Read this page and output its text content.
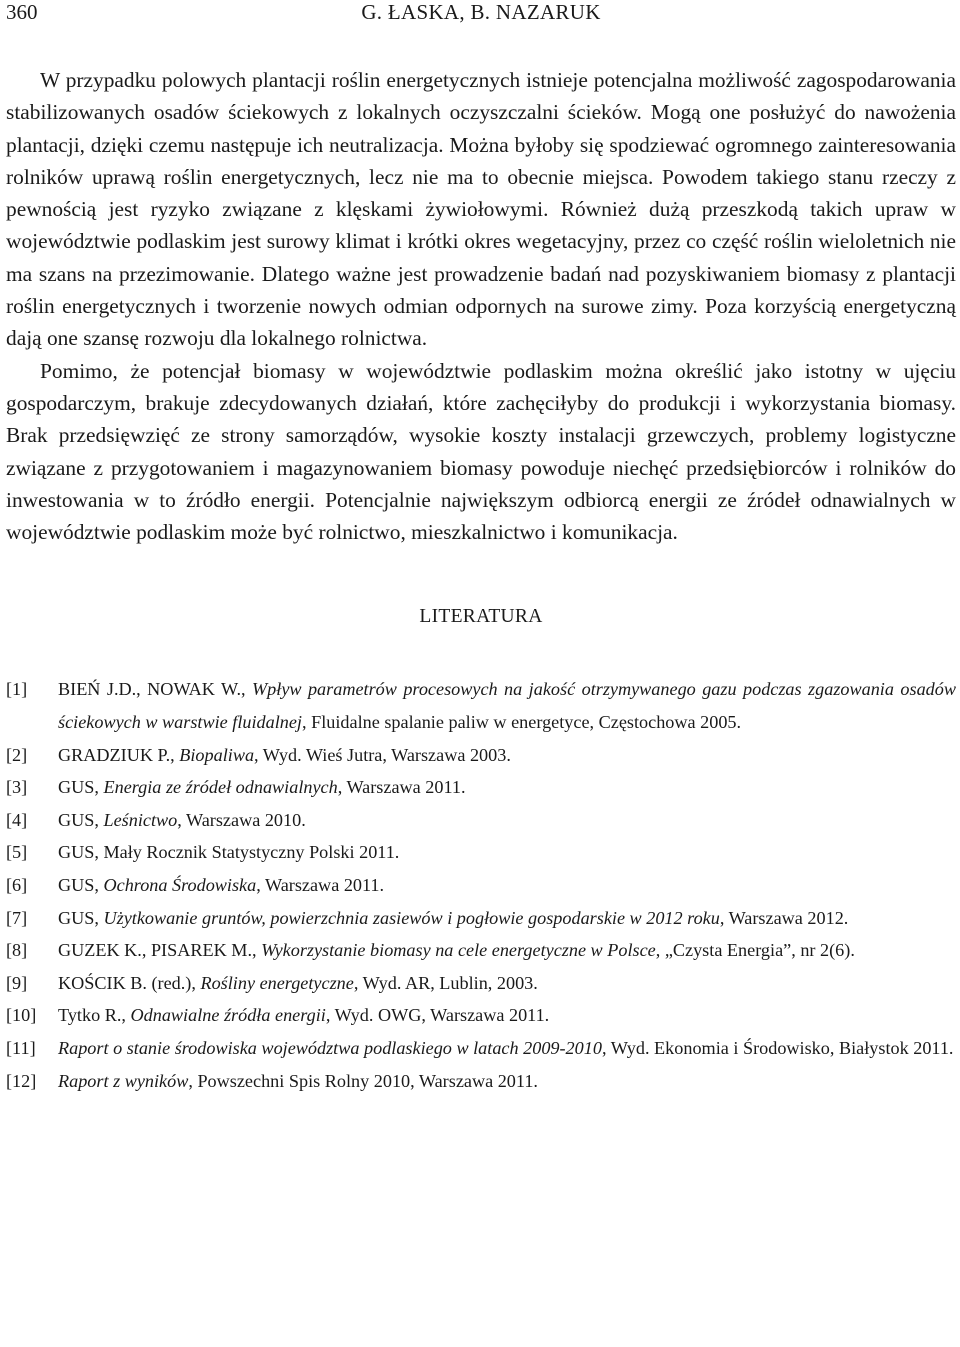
360	G. ŁASKA, B. NAZARUK

W przypadku polowych plantacji roślin energetycznych istnieje potencjalna możliwość zagospodarowania stabilizowanych osadów ściekowych z lokalnych oczyszczalni ścieków. Mogą one posłużyć do nawożenia plantacji, dzięki czemu następuje ich neutralizacja. Można byłoby się spodziewać ogromnego zainteresowania rolników uprawą roślin energetycznych, lecz nie ma to obecnie miejsca. Powodem takiego stanu rzeczy z pewnością jest ryzyko związane z klęskami żywiołowymi. Również dużą przeszkodą takich upraw w województwie podlaskim jest surowy klimat i krótki okres wegetacyjny, przez co część roślin wieloletnich nie ma szans na przezimowanie. Dlatego ważne jest prowadzenie badań nad pozyskiwaniem biomasy z plantacji roślin energetycznych i tworzenie nowych odmian odpornych na surowe zimy. Poza korzyścią energetyczną dają one szansę rozwoju dla lokalnego rolnictwa.

Pomimo, że potencjał biomasy w województwie podlaskim można określić jako istotny w ujęciu gospodarczym, brakuje zdecydowanych działań, które zachęciłyby do produkcji i wykorzystania biomasy. Brak przedsięwzięć ze strony samorządów, wysokie koszty instalacji grzewczych, problemy logistyczne związane z przygotowaniem i magazynowaniem biomasy powoduje niechęć przedsiębiorców i rolników do inwestowania w to źródło energii. Potencjalnie największym odbiorcą energii ze źródeł odnawialnych w województwie podlaskim może być rolnictwo, mieszkalnictwo i komunikacja.

LITERATURA
[1]	BIEŃ J.D., NOWAK W., Wpływ parametrów procesowych na jakość otrzymywanego gazu podczas zgazowania osadów ściekowych w warstwie fluidalnej, Fluidalne spalanie paliw w energetyce, Częstochowa 2005.
[2]	GRADZIUK P., Biopaliwa, Wyd. Wieś Jutra, Warszawa 2003.
[3]	GUS, Energia ze źródeł odnawialnych, Warszawa 2011.
[4]	GUS, Leśnictwo, Warszawa 2010.
[5]	GUS, Mały Rocznik Statystyczny Polski 2011.
[6]	GUS, Ochrona Środowiska, Warszawa 2011.
[7]	GUS, Użytkowanie gruntów, powierzchnia zasiewów i pogłowie gospodarskie w 2012 roku, Warszawa 2012.
[8]	GUZEK K., PISAREK M., Wykorzystanie biomasy na cele energetyczne w Polsce, „Czysta Energia”, nr 2(6).
[9]	KOŚCIK B. (red.), Rośliny energetyczne, Wyd. AR, Lublin, 2003.
[10]	Tytko R., Odnawialne źródła energii, Wyd. OWG, Warszawa 2011.
[11]	Raport o stanie środowiska województwa podlaskiego w latach 2009-2010, Wyd. Ekonomia i Środowisko, Białystok 2011.
[12]	Raport z wyników, Powszechni Spis Rolny 2010, Warszawa 2011.
